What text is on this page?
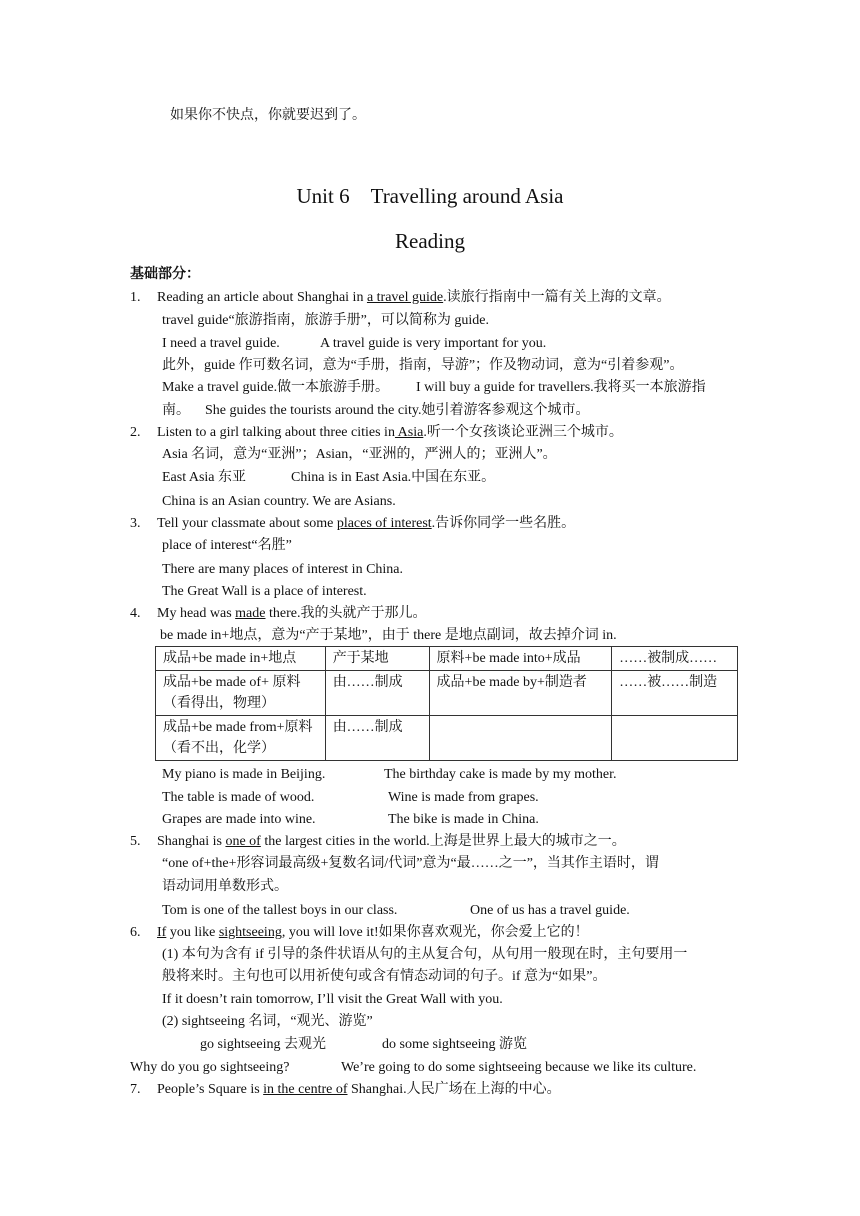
如果你不快点，你就要迟到了。
Unit 6　Travelling around Asia
Reading
基础部分：
1. Reading an article about Shanghai in a travel guide.读旅行指南中一篇有关上海的文章。
travel guide“旅游指南，旅游手册”，可以简称为 guide.
I need a travel guide.	A travel guide is very important for you.
此外，guide 作可数名词，意为“手册，指南，导游”；作及物动词，意为“引着参观”。
Make a travel guide.做一本旅游手册。 I will buy a guide for travellers.我将买一本旅游指
南。 She guides the tourists around the city.她引着游客参观这个城市。
2. Listen to a girl talking about three cities in Asia.听一个女孩谈论亚洲三个城市。
Asia 名词，意为“亚洲”；Asian，“亚洲的，严洲人的；亚洲人”。
East Asia 东亚	China is in East Asia.中国在东亚。
China is an Asian country. We are Asians.
3. Tell your classmate about some places of interest.告诉你同学一些名胜。
place of interest“名胜”
There are many places of interest in China.
The Great Wall is a place of interest.
4. My head was made there.我的头就产于那儿。
be made in+地点，意为“产于某地”，由于 there 是地点副词，故去掉介词 in.
成品+be made in+地点	产于某地	原料+be made into+成品	……被制成……
成品+be made of+ 原料（看得出，物理）	由……制成	成品+be made by+制造者	……被……制造
成品+be made from+原料（看不出，化学）	由……制成		
My piano is made in Beijing.	The birthday cake is made by my mother.
The table is made of wood.	Wine is made from grapes.
Grapes are made into wine.	The bike is made in China.
5. Shanghai is one of the largest cities in the world.上海是世界上最大的城市之一。
“one of+the+形容词最高级+复数名词/代词”意为“最……之一”，当其作主语时，谓
语动词用单数形式。
Tom is one of the tallest boys in our class.	One of us has a travel guide.
6. If you like sightseeing, you will love it!如果你喜欢观光，你会爱上它的！
(1) 本句为含有 if 引导的条件状语从句的主从复合句，从句用一般现在时，主句要用一
般将来时。主句也可以用祈使句或含有情态动词的句子。if 意为“如果”。
If it doesn’t rain tomorrow, I’ll visit the Great Wall with you.
(2) sightseeing 名词，“观光、游览”
go sightseeing 去观光	do some sightseeing 游览
Why do you go sightseeing?	We’re going to do some sightseeing because we like its culture.
7. People’s Square is in the centre of Shanghai.人民广场在上海的中心。
